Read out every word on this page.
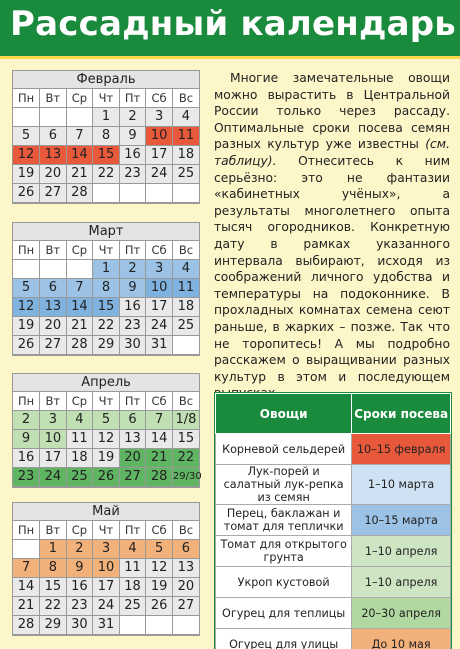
Рассадный календарь
Февраль
Пн	Вт	Ср	Чт	Пт	Сб	Вс
			1	2	3	4
5	6	7	8	9	10	11
12	13	14	15	16	17	18
19	20	21	22	23	24	25
26	27	28				
Март
Пн	Вт	Ср	Чт	Пт	Сб	Вс
			1	2	3	4
5	6	7	8	9	10	11
12	13	14	15	16	17	18
19	20	21	22	23	24	25
26	27	28	29	30	31	
Апрель
Пн	Вт	Ср	Чт	Пт	Сб	Вс
2	3	4	5	6	7	1/8
9	10	11	12	13	14	15
16	17	18	19	20	21	22
23	24	25	26	27	28	29/30
Май
Пн	Вт	Ср	Чт	Пт	Сб	Вс
	1	2	3	4	5	6
7	8	9	10	11	12	13
14	15	16	17	18	19	20
21	22	23	24	25	26	27
28	29	30	31			
Многие замечательные овощи можно вырастить в Центральной России только через рассаду. Оптимальные сроки посева семян разных культур уже известны (см. таблицу). Отнеситесь к ним серьёзно: это не фантазии «кабинетных учёных», а результаты многолетнего опыта тысяч огородников. Конкретную дату в рамках указанного интервала выбирают, исходя из соображений личного удобства и температуры на подоконнике. В прохладных комнатах семена сеют раньше, в жарких – позже. Так что не торопитесь! А мы подробно расскажем о выращивании разных культур в этом и последующем
Овощи	Сроки посева
Корневой сельдерей	10–15 февраля
Лук-порей и салатный лук-репка из семян	1–10 марта
Перец, баклажан и томат для теплички	10–15 марта
Томат для открытого грунта	1–10 апреля
Укроп кустовой	1–10 апреля
Огурец для теплицы	20–30 апреля
Огурец для улицы	До 10 мая
